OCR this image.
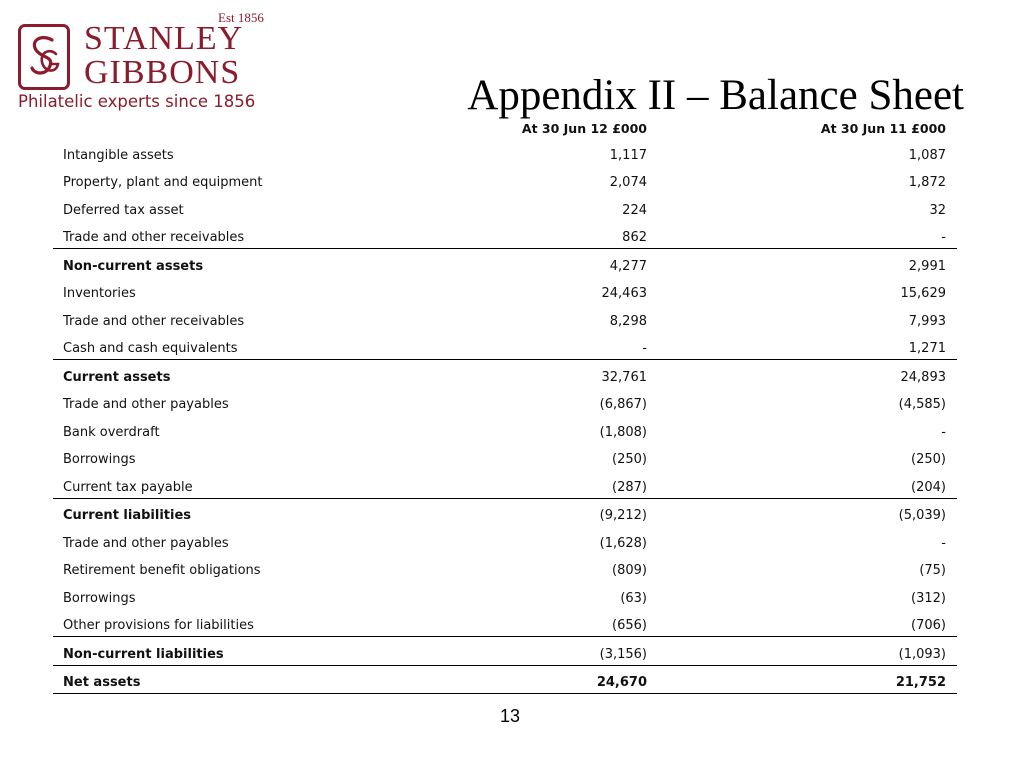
Est 1856
STANLEY
GIBBONS
Philatelic experts since 1856	Appendix II – Balance Sheet
At 30 Jun 12 £000	At 30 Jun 11 £000
Intangible assets	1,117	1,087
Property, plant and equipment	2,074	1,872
Deferred tax asset	224	32
Trade and other receivables	862	-
Non-current assets	4,277	2,991
Inventories	24,463	15,629
Trade and other receivables	8,298	7,993
Cash and cash equivalents	-	1,271
Current assets	32,761	24,893
Trade and other payables	(6,867)	(4,585)
Bank overdraft	(1,808)	-
Borrowings	(250)	(250)
Current tax payable	(287)	(204)
Current liabilities	(9,212)	(5,039)
Trade and other payables	(1,628)	-
Retirement benefit obligations	(809)	(75)
Borrowings	(63)	(312)
Other provisions for liabilities	(656)	(706)
Non-current liabilities	(3,156)	(1,093)
Net assets	24,670	21,752
13
